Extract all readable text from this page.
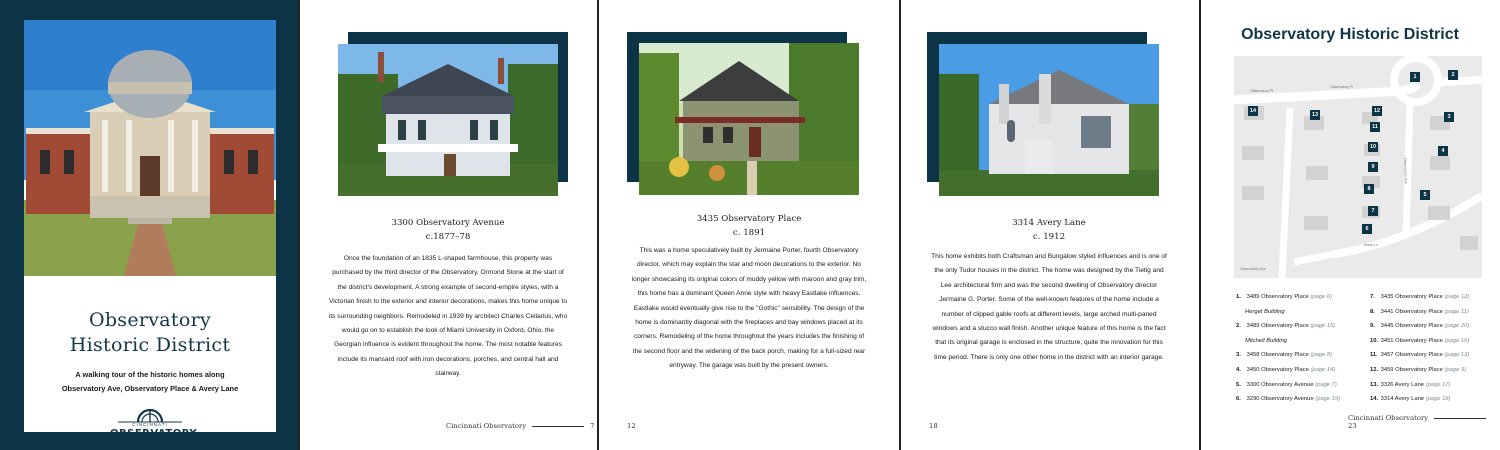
Observatory
Historic District
A walking tour of the historic homes along
Observatory Ave, Observatory Place & Avery Lane
CINCINNATI
OBSERVATORY
3300 Observatory Avenue
c.1877–78
Once the foundation of an 1835 L-shaped farmhouse, this property was purchased by the third director of the Observatory, Ormond Stone at the start of the district's development. A strong example of second-empire styles, with a Victorian finish to the exterior and interior decorations, makes this home unique to its surrounding neighbors. Remodeled in 1939 by architect Charles Cellarius, who would go on to establish the look of Miami University in Oxford, Ohio, the Georgian influence is evident throughout the home. The most notable features include its mansard roof with iron decorations, porches, and central hall and stairway.
Cincinnati Observatory	7
3435 Observatory Place
c. 1891
This was a home speculatively built by Jermaine Porter, fourth Observatory director, which may explain the star and moon decorations to the exterior. No longer showcasing its original colors of muddy yellow with maroon and gray trim, this home has a dominant Queen Anne style with heavy Eastlake influences. Eastlake would eventually give rise to the "Gothic" sensibility. The design of the home is dominantly diagonal with the fireplaces and bay windows placed at its corners. Remodeling of the home throughout the years includes the finishing of the second floor and the widening of the back porch, making for a full-sized rear entryway. The garage was built by the present owners.
12
3314 Avery Lane
c. 1912
This home exhibits both Craftsman and Bungalow styled influences and is one of the only Tudor houses in the district. The home was designed by the Tietig and Lee architectural firm and was the second dwelling of Observatory director Jermaine G. Porter. Some of the well-known features of the home include a number of clipped gable roofs at different levels, large arched multi-paned windows and a stucco wall finish. Another unique feature of this home is the fact that its original garage is enclosed in the structure, quite the innovation for this time period. There is only one other home in the district with an interior garage.
18
Observatory Historic District
Observatory Pl
Observatory Pl
Observatory Ave
Avery Ln
Observatory Ave
1	2
3
4
5
6
7
8
9
10
11
12
13
14
1. 3489 Observatory Place (page 6)
Herget Building
2. 3489 Observatory Place (page 15)
Mitchell Building
3. 3458 Observatory Place (page 8)
4. 3450 Observatory Place (page 14)
5. 3300 Observatory Avenue (page 7)
6. 3290 Observatory Avenue (page 19)
7. 3435 Observatory Place (page 12)
8. 3441 Observatory Place (page 11)
9. 3445 Observatory Place (page 20)
10. 3451 Observatory Place (page 16)
11. 3457 Observatory Place (page 13)
12. 3459 Observatory Place (page 9)
13. 3326 Avery Lane (page 17)
14. 3314 Avery Lane (page 18)
Cincinnati Observatory23
